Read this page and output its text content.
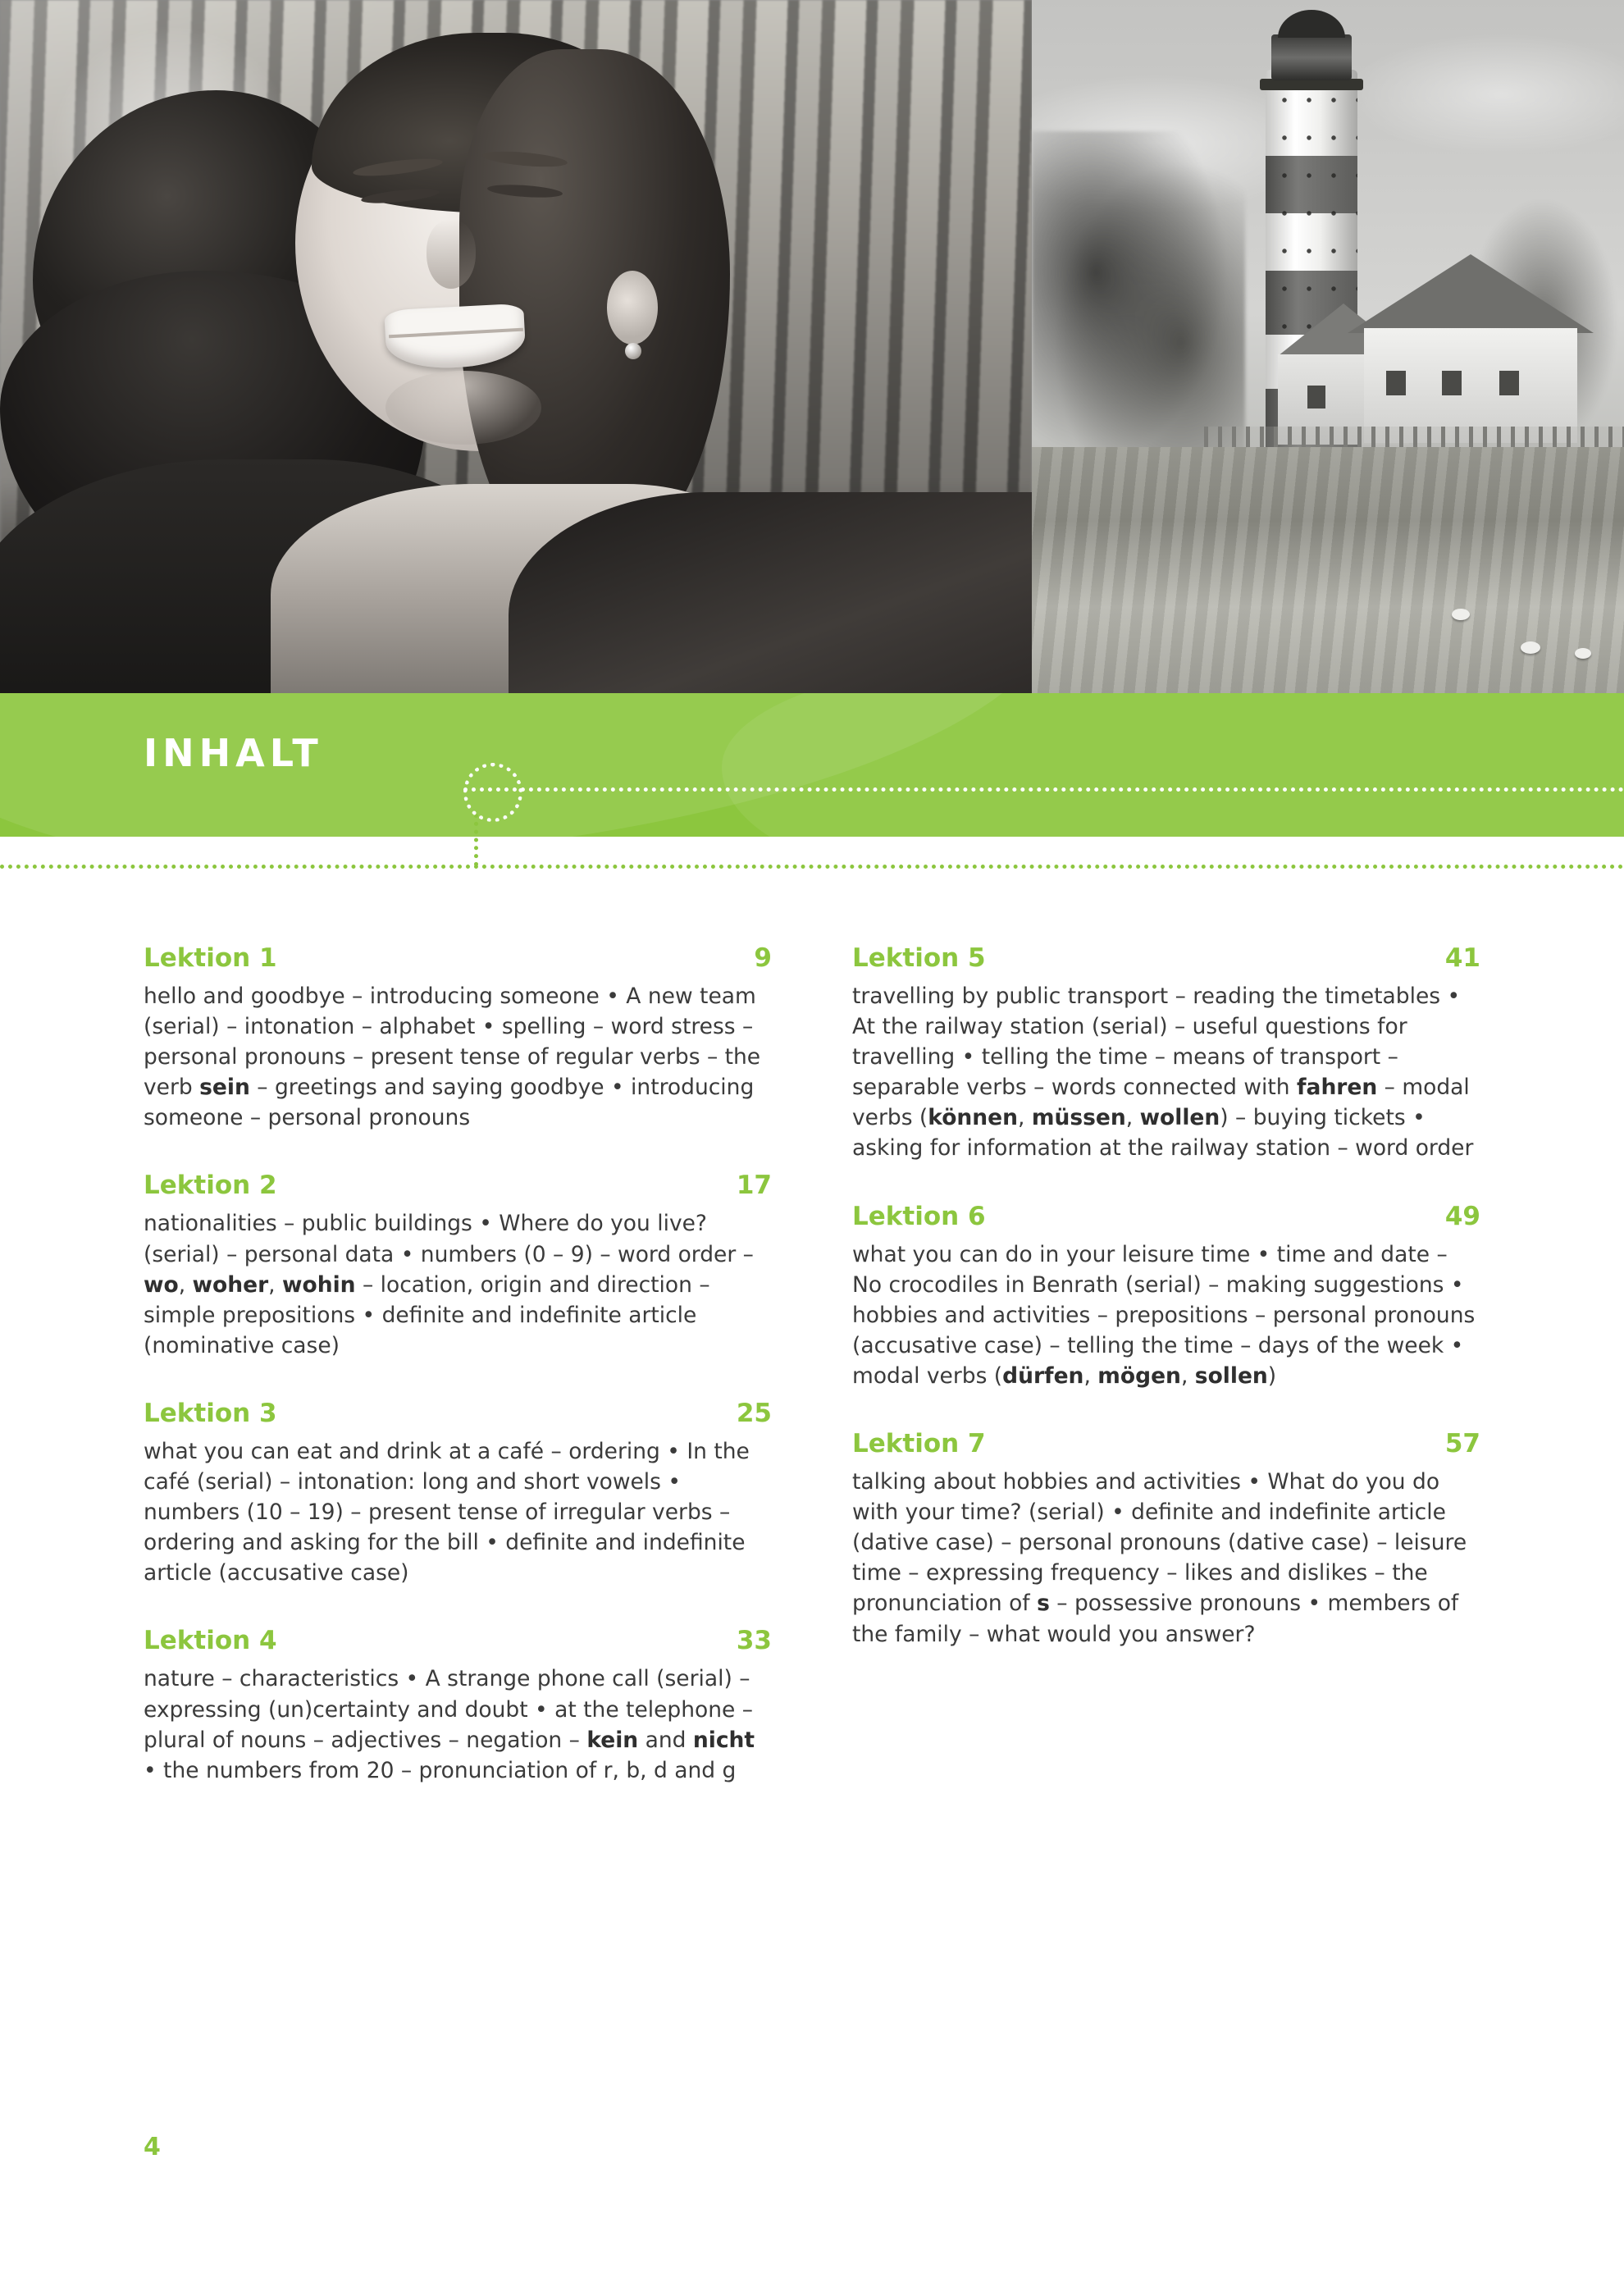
INHALT
Lektion 1	9
hello and goodbye – introducing someone • A new team (serial) – intonation – alphabet • spelling – word stress – personal pronouns – present tense of regular verbs – the verb sein – greetings and saying goodbye • introducing someone – personal pronouns
Lektion 2	17
nationalities – public buildings • Where do you live? (serial) – personal data • numbers (0 – 9) – word order – wo, woher, wohin – location, origin and direction – simple prepositions • definite and indefinite article (nominative case)
Lektion 3	25
what you can eat and drink at a café – ordering • In the café (serial) – intonation: long and short vowels • numbers (10 – 19) – present tense of irregular verbs – ordering and asking for the bill • definite and indefinite article (accusative case)
Lektion 4	33
nature – characteristics • A strange phone call (serial) – expressing (un)certainty and doubt • at the telephone – plural of nouns – adjectives – negation – kein and nicht • the numbers from 20 – pronunciation of r, b, d and g
Lektion 5	41
travelling by public transport – reading the timetables • At the railway station (serial) – useful questions for travelling • telling the time – means of transport – separable verbs – words connected with fahren – modal verbs (können, müssen, wollen) – buying tickets • asking for information at the railway station – word order
Lektion 6	49
what you can do in your leisure time • time and date – No crocodiles in Benrath (serial) – making suggestions • hobbies and activities – prepositions – personal pronouns (accusative case) – telling the time – days of the week • modal verbs (dürfen, mögen, sollen)
Lektion 7	57
talking about hobbies and activities • What do you do with your time? (serial) • definite and indefinite article (dative case) – personal pronouns (dative case) – leisure time – expressing frequency – likes and dislikes – the pronunciation of s – possessive pronouns • members of the family – what would you answer?
4
